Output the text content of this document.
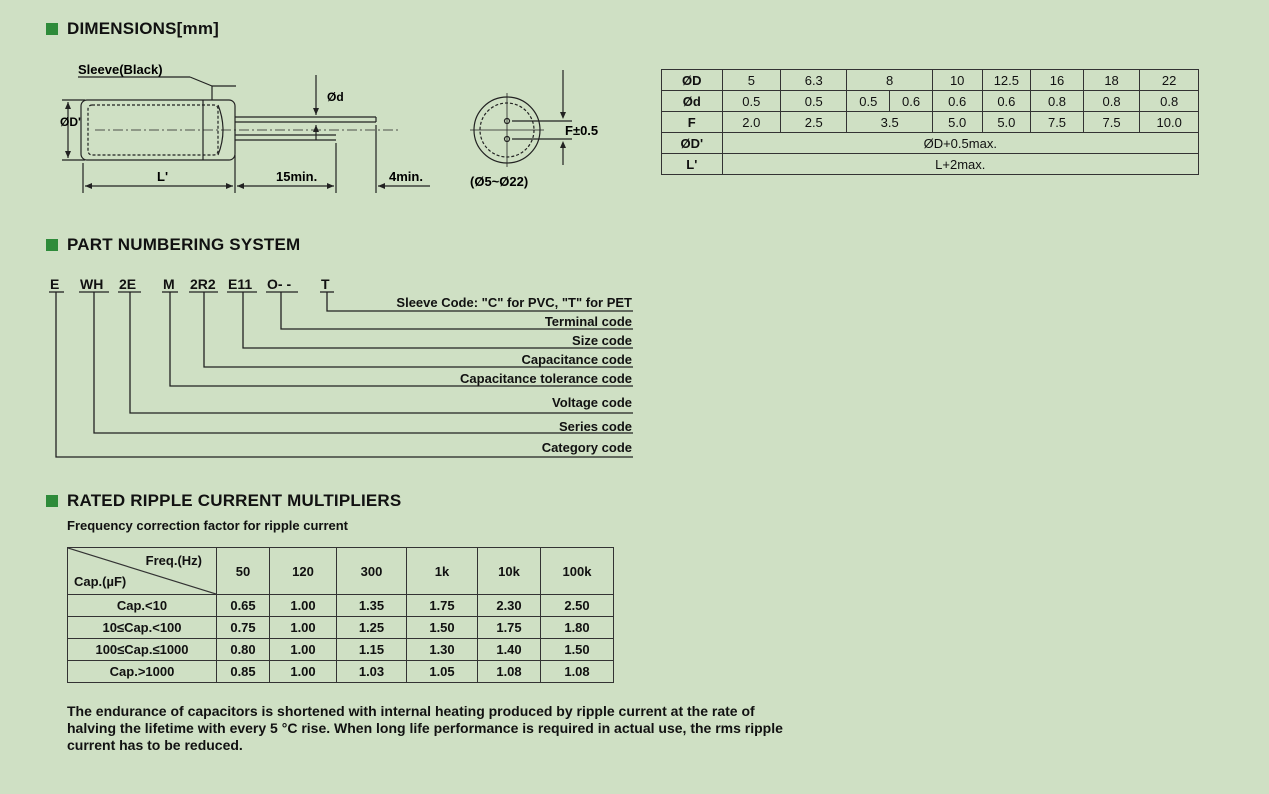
DIMENSIONS[mm]
PART NUMBERING SYSTEM
RATED RIPPLE CURRENT MULTIPLIERS
Sleeve(Black)
ØD'
Ød
L'	15min.	4min.
F±0.5
(Ø5~Ø22)
ØD	5	6.3	8		10	12.5	16	18	22
Ød	0.5	0.5	0.5	0.6	0.6	0.6	0.8	0.8	0.8
F	2.0	2.5	3.5		5.0	5.0	7.5	7.5	10.0
ØD'	ØD+0.5max.								
L'	L+2max.								
E WH 2E M 2R2 E11 O- - T
Sleeve Code: "C" for PVC, "T" for PET
Terminal code
Size code
Capacitance code
Capacitance tolerance code
Voltage code
Series code
Category code
Frequency correction factor for ripple current
Freq.(Hz)
Cap.(µF)	50	120	300	1k	10k	100k
Cap.<10	0.65	1.00	1.35	1.75	2.30	2.50
10≤Cap.<100	0.75	1.00	1.25	1.50	1.75	1.80
100≤Cap.≤1000	0.80	1.00	1.15	1.30	1.40	1.50
Cap.>1000	0.85	1.00	1.03	1.05	1.08	1.08
The endurance of capacitors is shortened with internal heating produced by ripple current at the rate of halving the lifetime with every 5 °C rise. When long life performance is required in actual use, the rms ripple current has to be reduced.
